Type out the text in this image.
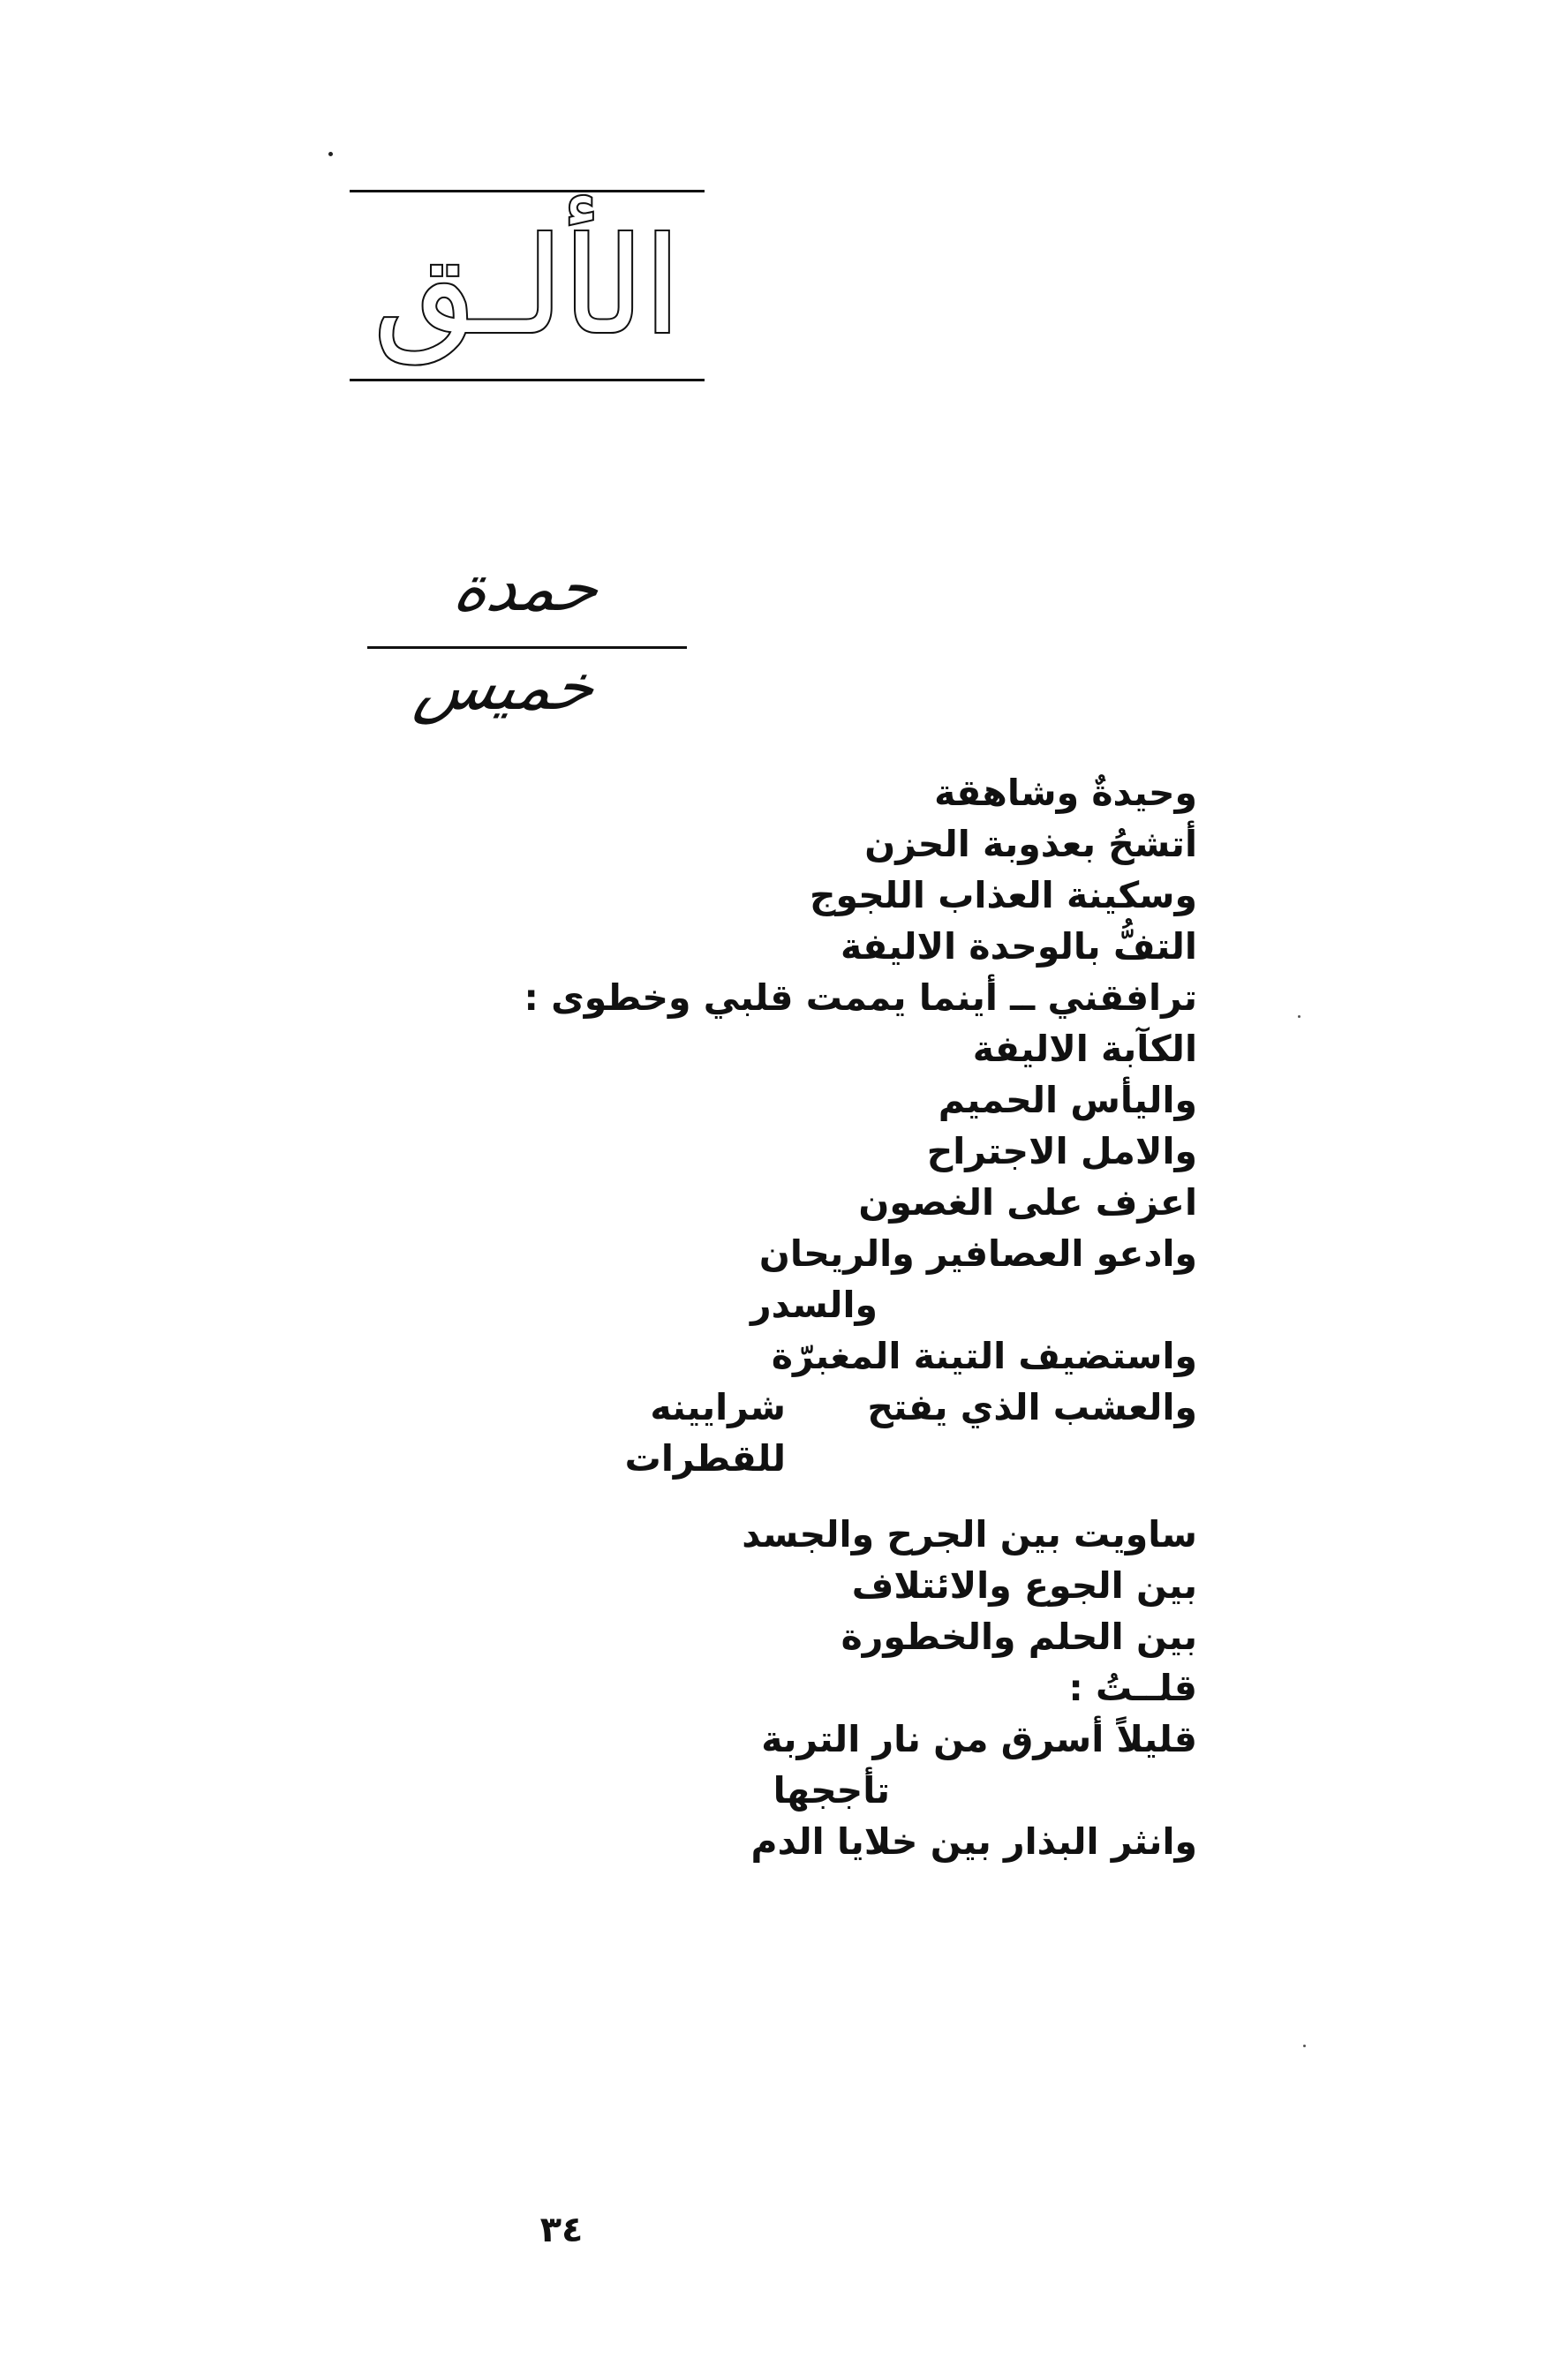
الألـق
حمدة خميس
وحيدةٌ وشاهقة
أتشحُ بعذوبة الحزن
وسكينة العذاب اللجوج
التفُّ بالوحدة الاليفة
ترافقني ــ أينما يممت قلبي وخطوى :
الكآبة الاليفة
واليأس الحميم
والامل الاجتراح
اعزف على الغصون
وادعو العصافير والريحان
والسدر
واستضيف التينة المغبرّة
والعشب الذي يفتح
شرايينه
للقطرات
ساويت بين الجرح والجسد
بين الجوع والائتلاف
بين الحلم والخطورة
قلــتُ :
قليلاً أسرق من نار التربة
تأججها
وانثر البذار بين خلايا الدم
٣٤
